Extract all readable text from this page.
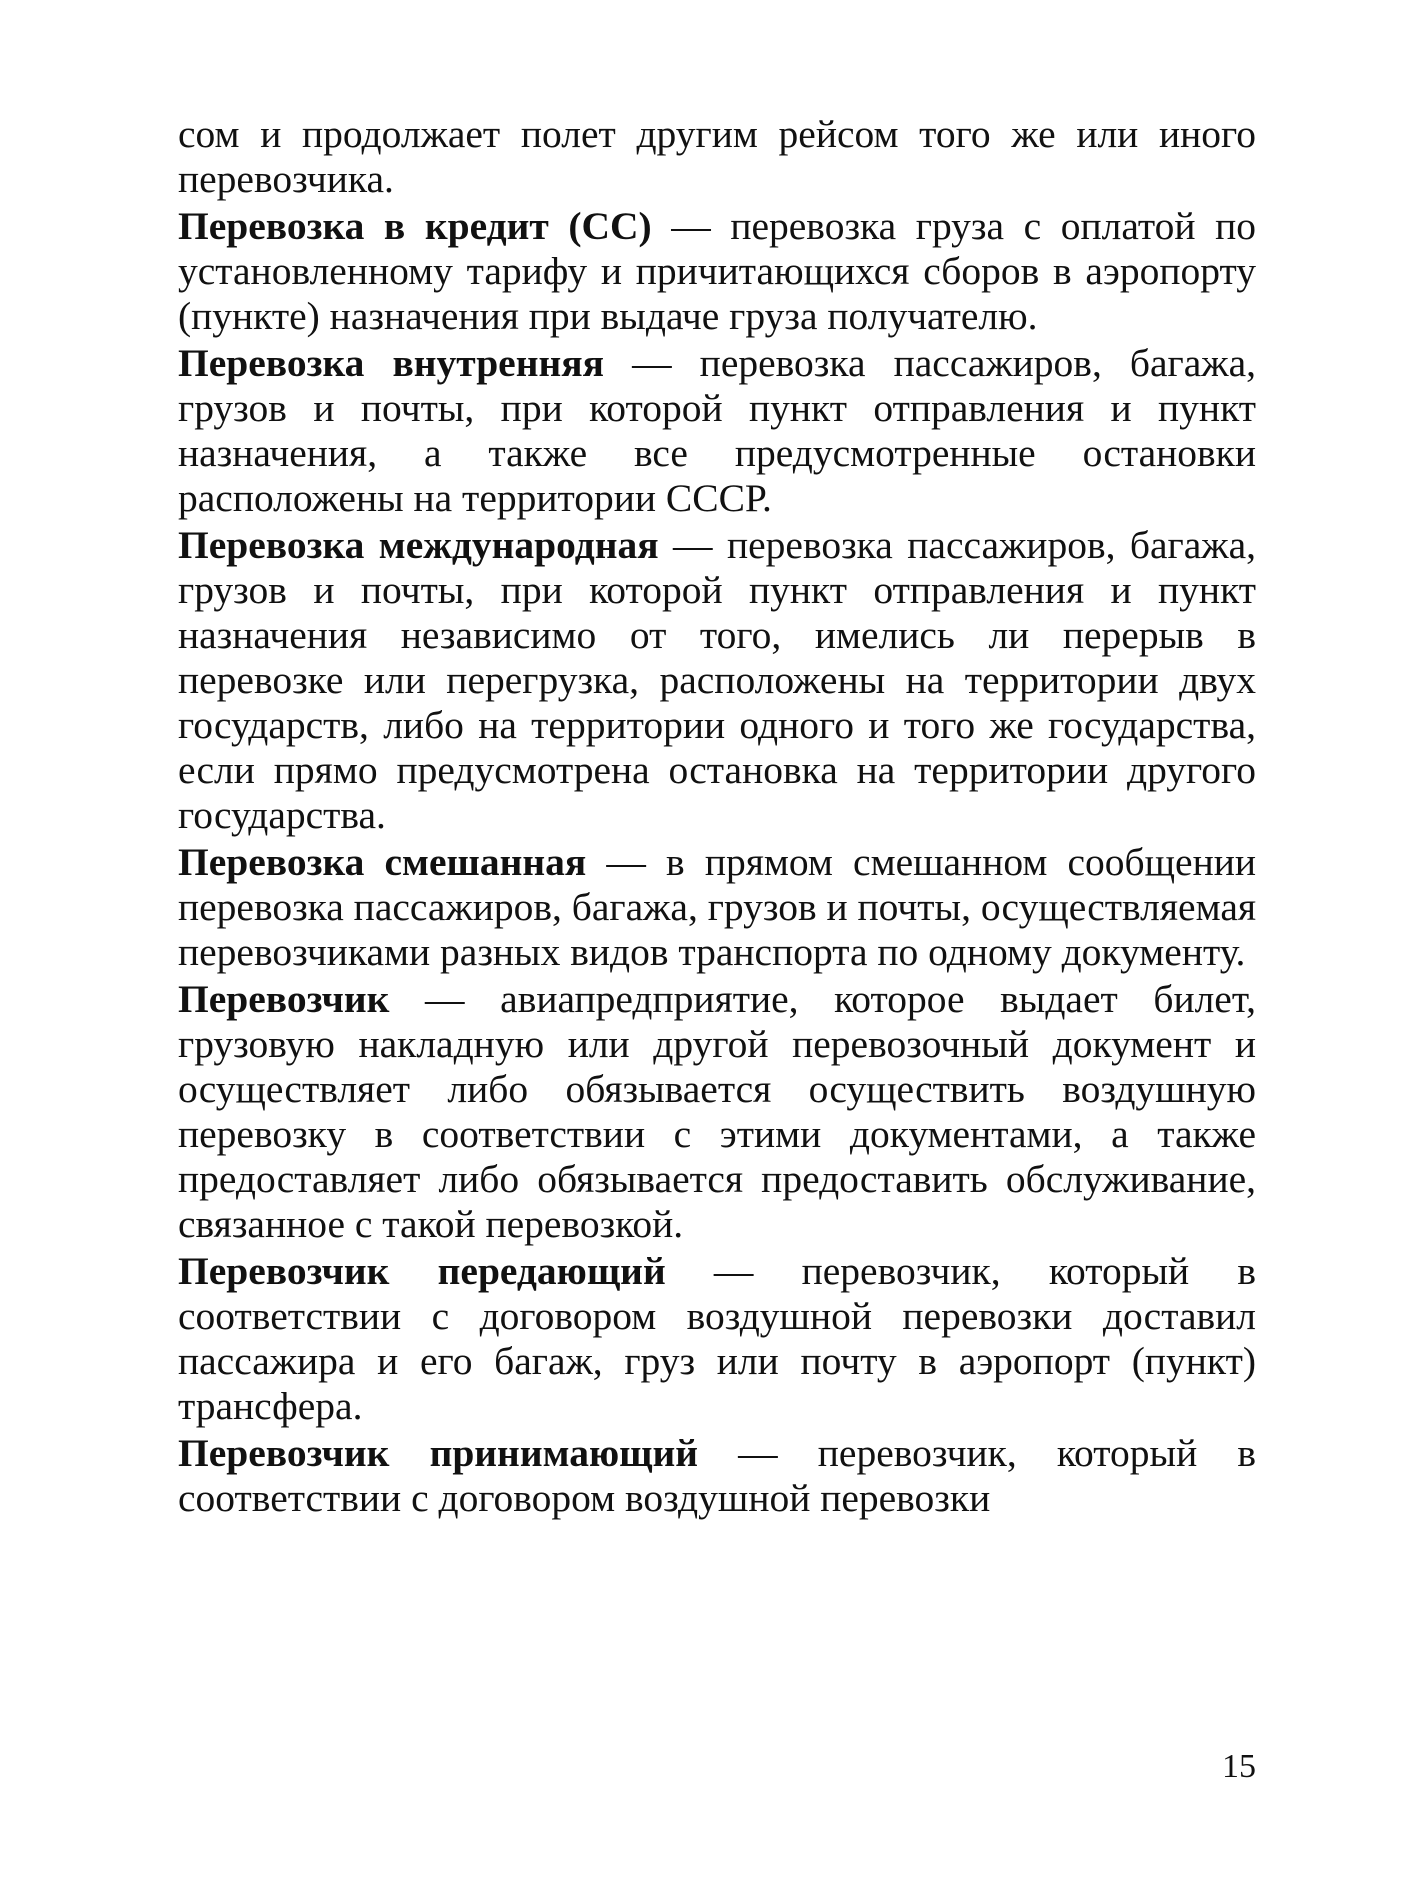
сом и продолжает полет другим рейсом того же или иного перевозчика.

Перевозка в кредит (СС) — перевозка груза с оплатой по установленному тарифу и причитающихся сборов в аэропорту (пункте) назначения при выдаче груза получателю.

Перевозка внутренняя — перевозка пассажиров, багажа, грузов и почты, при которой пункт отправления и пункт назначения, а также все предусмотренные остановки расположены на территории СССР.

Перевозка международная — перевозка пассажиров, багажа, грузов и почты, при которой пункт отправления и пункт назначения независимо от того, имелись ли перерыв в перевозке или перегрузка, расположены на территории двух государств, либо на территории одного и того же государства, если прямо предусмотрена остановка на территории другого государства.

Перевозка смешанная — в прямом смешанном сообщении перевозка пассажиров, багажа, грузов и почты, осуществляемая перевозчиками разных видов транспорта по одному документу.

Перевозчик — авиапредприятие, которое выдает билет, грузовую накладную или другой перевозочный документ и осуществляет либо обязывается осуществить воздушную перевозку в соответствии с этими документами, а также предоставляет либо обязывается предоставить обслуживание, связанное с такой перевозкой.

Перевозчик передающий — перевозчик, который в соответствии с договором воздушной перевозки доставил пассажира и его багаж, груз или почту в аэропорт (пункт) трансфера.

Перевозчик принимающий — перевозчик, который в соответствии с договором воздушной перевозки

15
